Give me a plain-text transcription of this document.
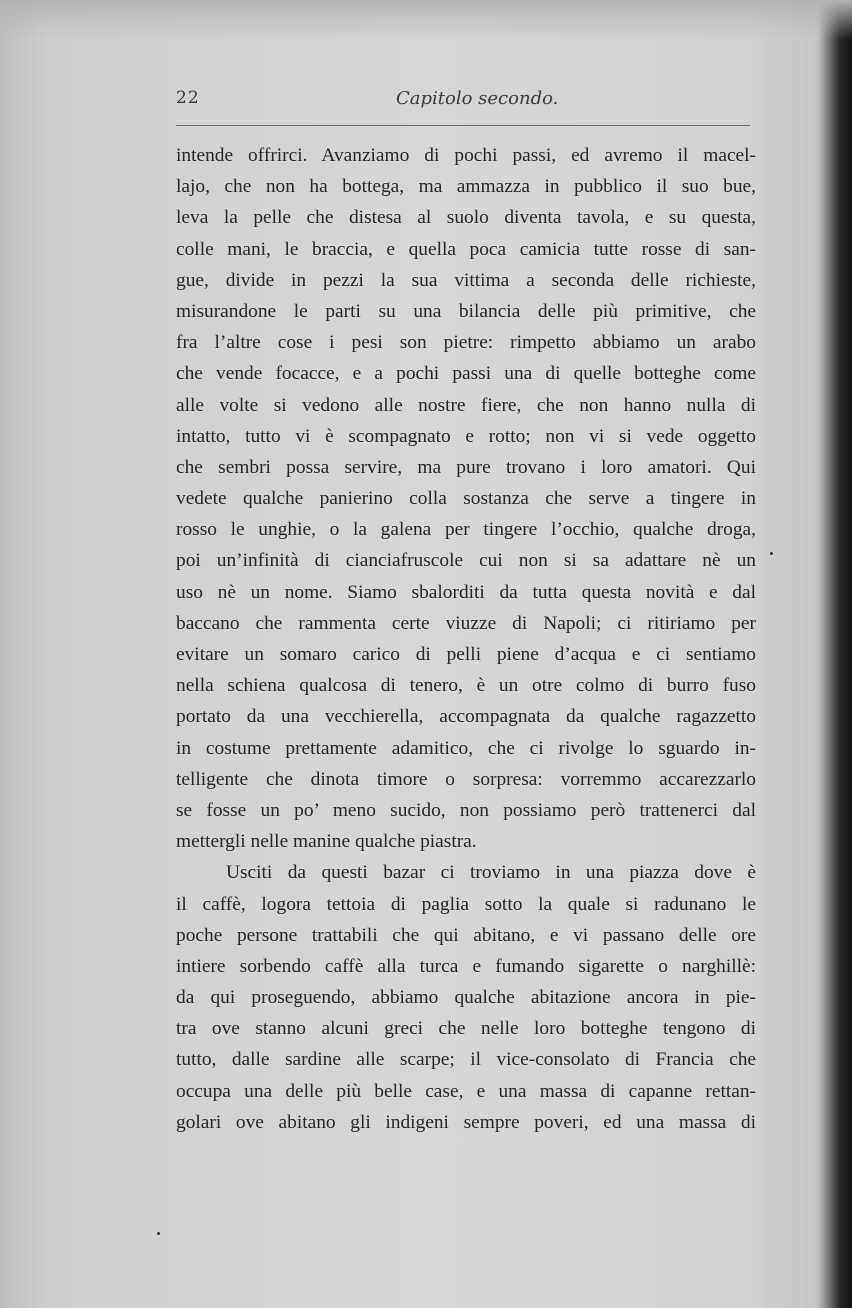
22	Capitolo secondo.
intende offrirci. Avanziamo di pochi passi, ed avremo il macel-
lajo, che non ha bottega, ma ammazza in pubblico il suo bue,
leva la pelle che distesa al suolo diventa tavola, e su questa,
colle mani, le braccia, e quella poca camicia tutte rosse di san-
gue, divide in pezzi la sua vittima a seconda delle richieste,
misurandone le parti su una bilancia delle più primitive, che
fra l’altre cose i pesi son pietre: rimpetto abbiamo un arabo
che vende focacce, e a pochi passi una di quelle botteghe come
alle volte si vedono alle nostre fiere, che non hanno nulla di
intatto, tutto vi è scompagnato e rotto; non vi si vede oggetto
che sembri possa servire, ma pure trovano i loro amatori. Qui
vedete qualche panierino colla sostanza che serve a tingere in
rosso le unghie, o la galena per tingere l’occhio, qualche droga,
poi un’infinità di cianciafruscole cui non si sa adattare nè un
uso nè un nome. Siamo sbalorditi da tutta questa novità e dal
baccano che rammenta certe viuzze di Napoli; ci ritiriamo per
evitare un somaro carico di pelli piene d’acqua e ci sentiamo
nella schiena qualcosa di tenero, è un otre colmo di burro fuso
portato da una vecchierella, accompagnata da qualche ragazzetto
in costume prettamente adamitico, che ci rivolge lo sguardo in-
telligente che dinota timore o sorpresa: vorremmo accarezzarlo
se fosse un po’ meno sucido, non possiamo però trattenerci dal
mettergli nelle manine qualche piastra.
Usciti da questi bazar ci troviamo in una piazza dove è
il caffè, logora tettoia di paglia sotto la quale si radunano le
poche persone trattabili che qui abitano, e vi passano delle ore
intiere sorbendo caffè alla turca e fumando sigarette o narghillè:
da qui proseguendo, abbiamo qualche abitazione ancora in pie-
tra ove stanno alcuni greci che nelle loro botteghe tengono di
tutto, dalle sardine alle scarpe; il vice-consolato di Francia che
occupa una delle più belle case, e una massa di capanne rettan-
golari ove abitano gli indigeni sempre poveri, ed una massa di
